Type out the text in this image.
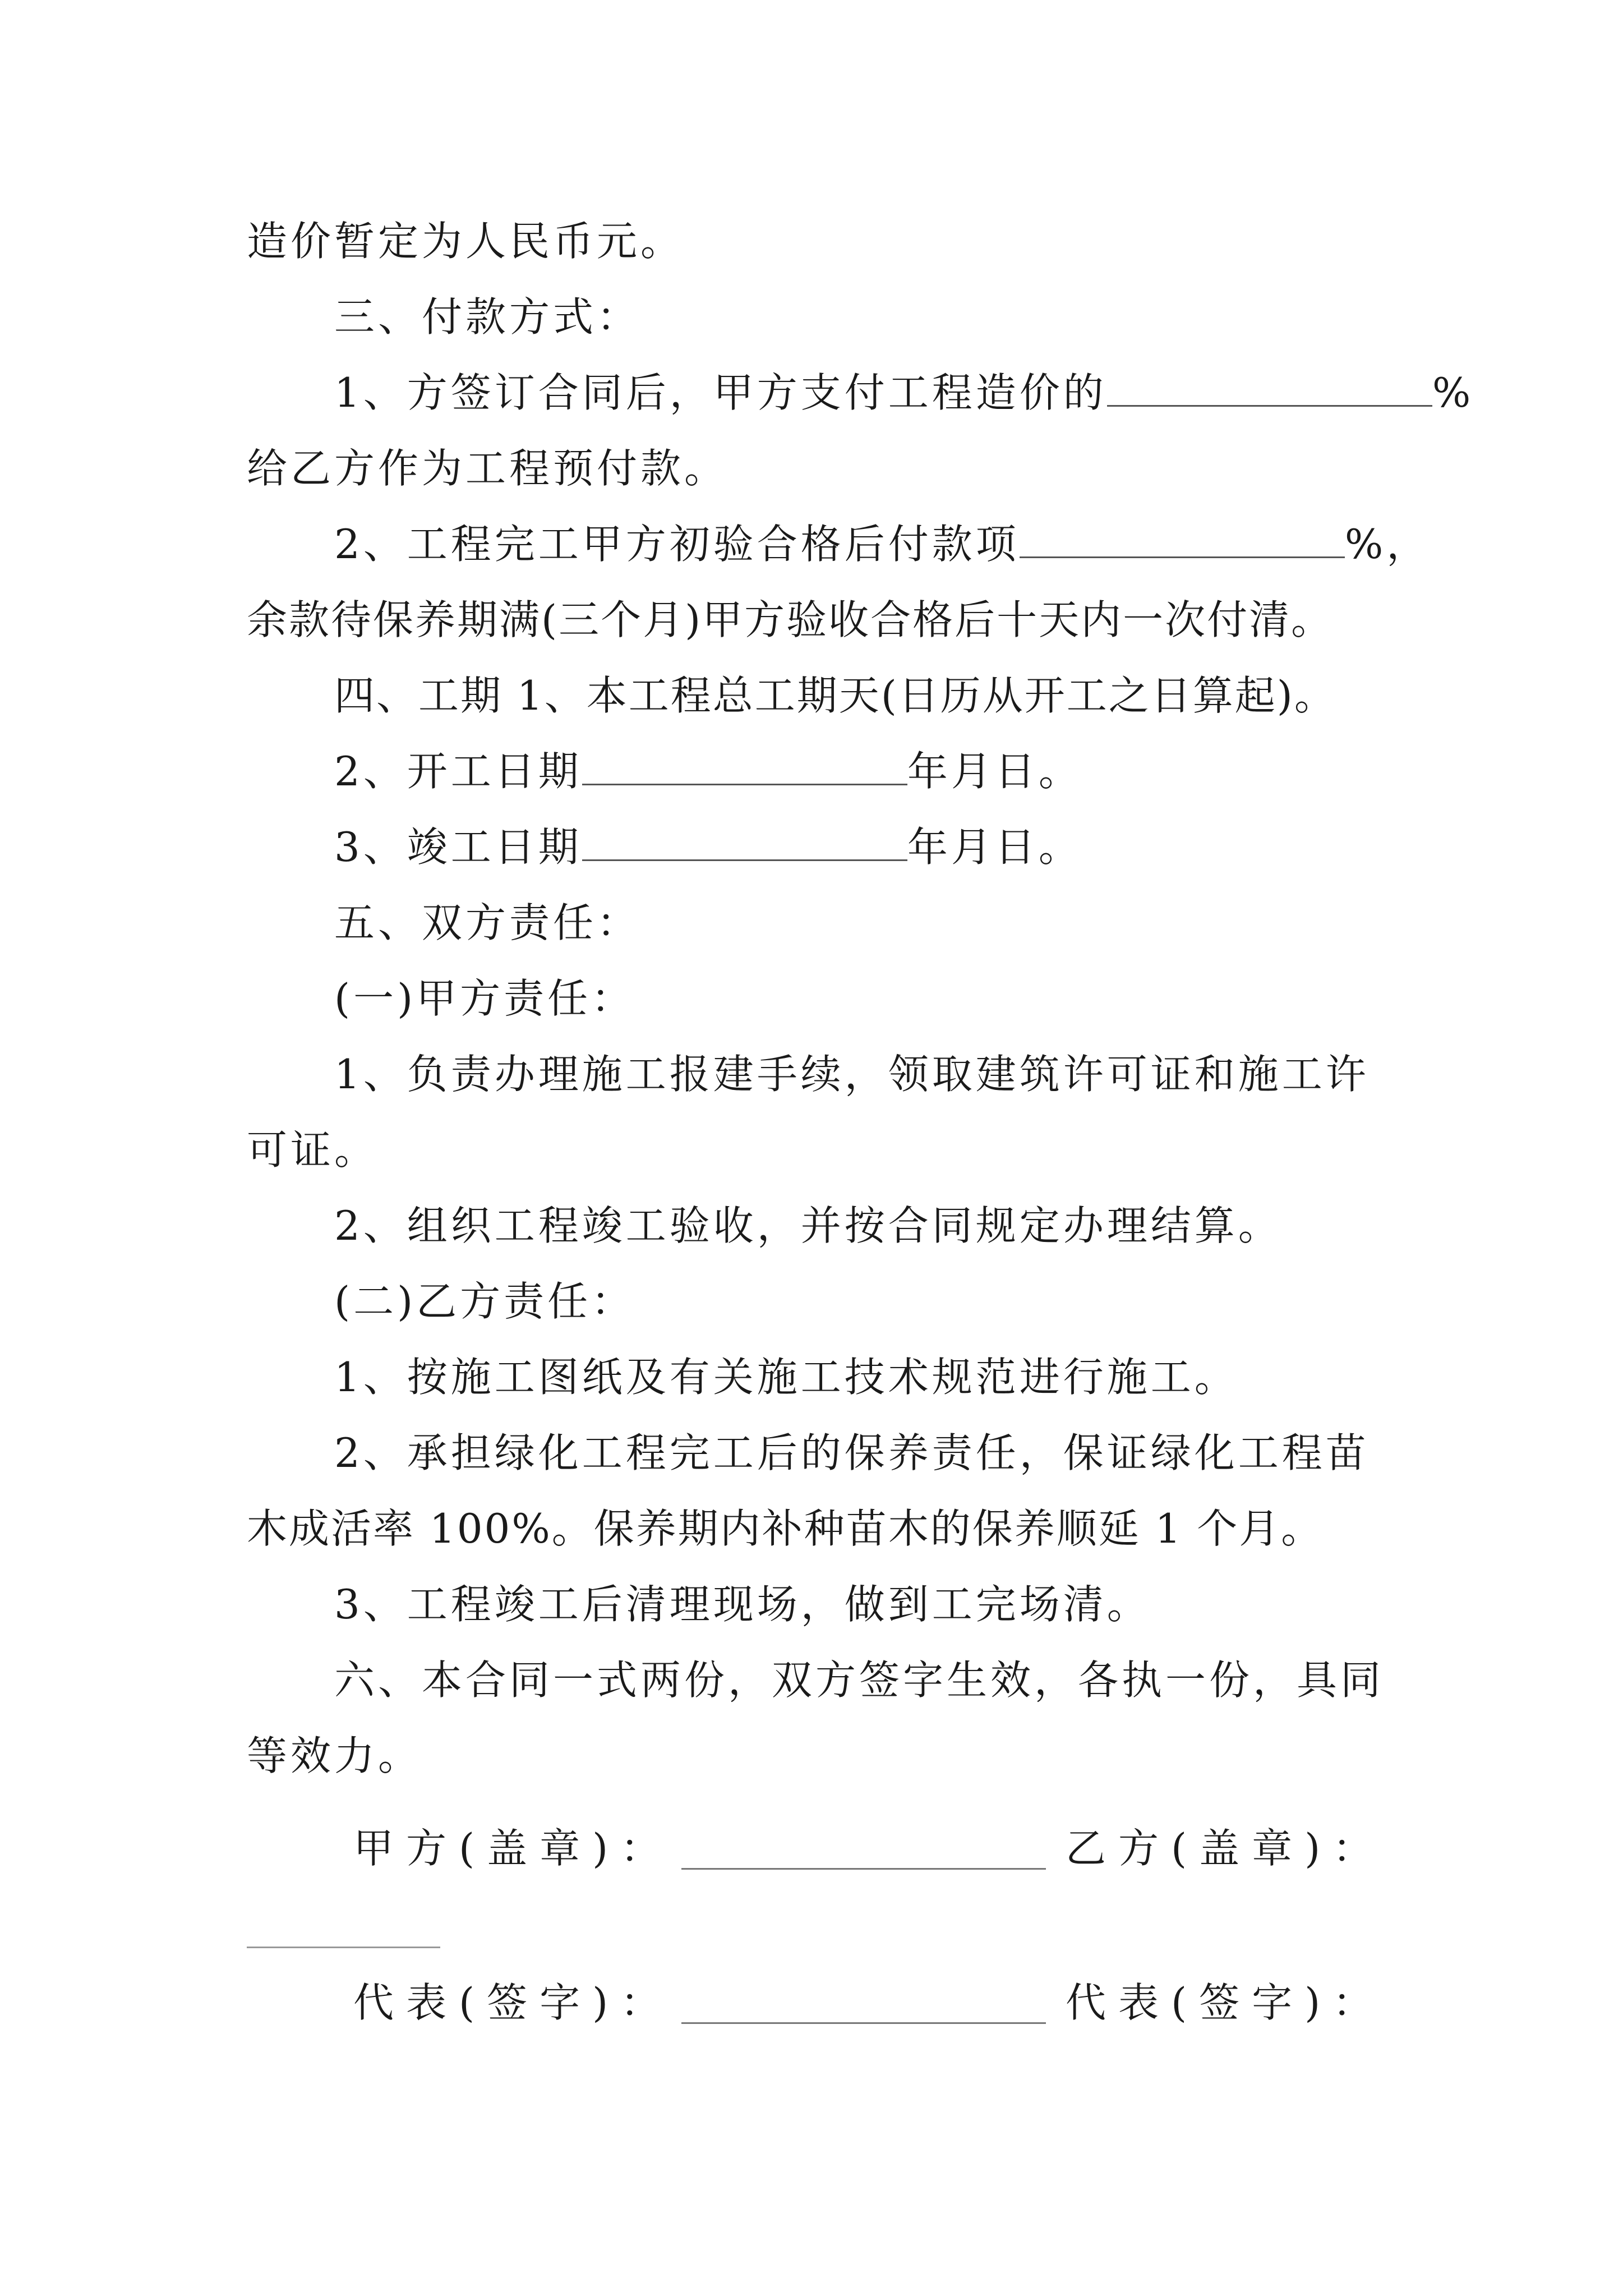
造价暂定为人民币元。
三、付款方式：
1、方签订合同后，甲方支付工程造价的	%
给乙方作为工程预付款。
2、工程完工甲方初验合格后付款项	%，
余款待保养期满(三个月)甲方验收合格后十天内一次付清。
四、工期 1、本工程总工期天(日历从开工之日算起)。
2、开工日期	年月日。
3、竣工日期	年月日。
五、双方责任：
(一)甲方责任：
1、负责办理施工报建手续，领取建筑许可证和施工许
可证。
2、组织工程竣工验收，并按合同规定办理结算。
(二)乙方责任：
1、按施工图纸及有关施工技术规范进行施工。
2、承担绿化工程完工后的保养责任，保证绿化工程苗
木成活率 100%。保养期内补种苗木的保养顺延 1 个月。
3、工程竣工后清理现场，做到工完场清。
六、本合同一式两份，双方签字生效，各执一份，具同
等效力。
甲方(盖章)：	乙方(盖章)：
代表(签字)：	代表(签字)：
